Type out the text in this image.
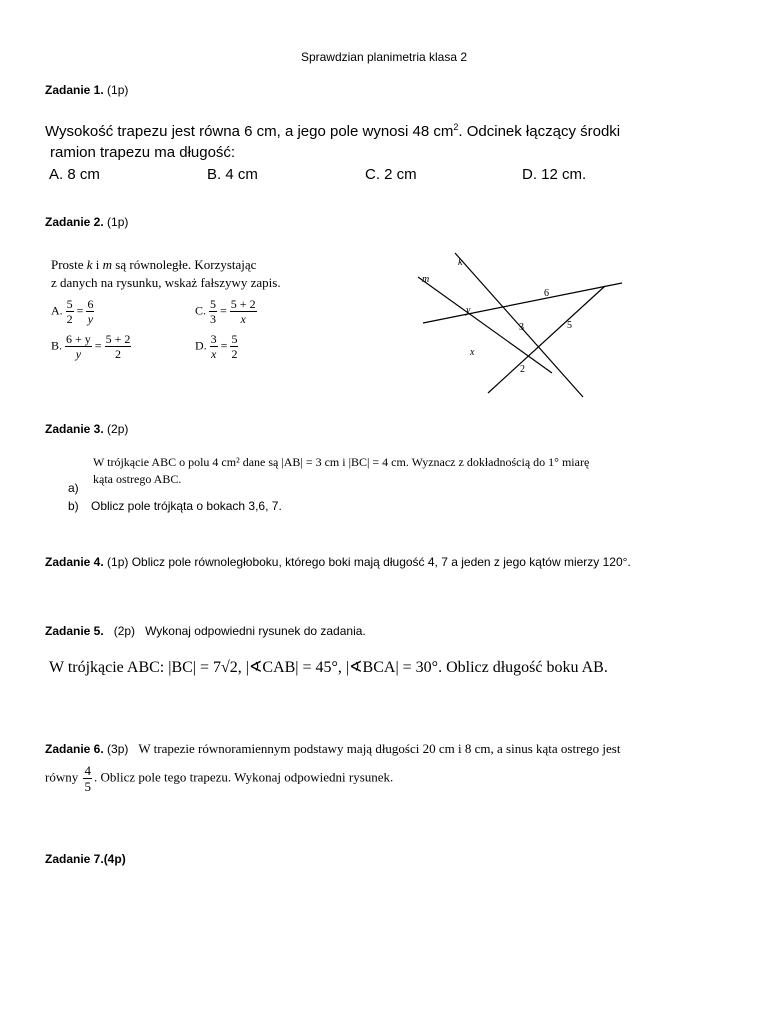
Sprawdzian planimetria klasa 2
Zadanie 1. (1p)
Wysokość trapezu jest równa 6 cm, a jego pole wynosi 48 $cm^2$. Odcinek łączący środki
ramion trapezu ma długość:
A. 8 cm	B. 4 cm	C. 2 cm	D. 12 cm.
Zadanie 2. (1p)
Proste k i m są równoległe. Korzystając
z danych na rysunku, wskaż fałszywy zapis.
A. $\frac{5}{2} = \frac{6}{y}$	C. $\frac{5}{3} = \frac{5 + 2}{x}$
B. $\frac{6 + y}{y} = \frac{5 + 2}{2}$	D. $\frac{3}{x} = \frac{5}{2}$
k
m
6
y
3	5
x
2
Zadanie 3. (2p)
W trójkącie ABC o polu 4 cm² dane są |AB| = 3 cm i |BC| = 4 cm. Wyznacz z dokładnością do 1° miarę
kąta ostrego ABC.
a)
b) Oblicz pole trójkąta o bokach 3,6, 7.
Zadanie 4. (1p) Oblicz pole równoległoboku, którego boki mają długość 4, 7 a jeden z jego kątów mierzy 120°.
Zadanie 5. (2p) Wykonaj odpowiedni rysunek do zadania.
W trójkącie ABC: |BC| = 7√2, |∢CAB| = 45°, |∢BCA| = 30°. Oblicz długość boku AB.
Zadanie 6. (3p) W trapezie równoramiennym podstawy mają długości 20 cm i 8 cm, a sinus kąta ostrego jest
równy $\frac{4}{5}$ . Oblicz pole tego trapezu. Wykonaj odpowiedni rysunek.
Zadanie 7.(4p)
